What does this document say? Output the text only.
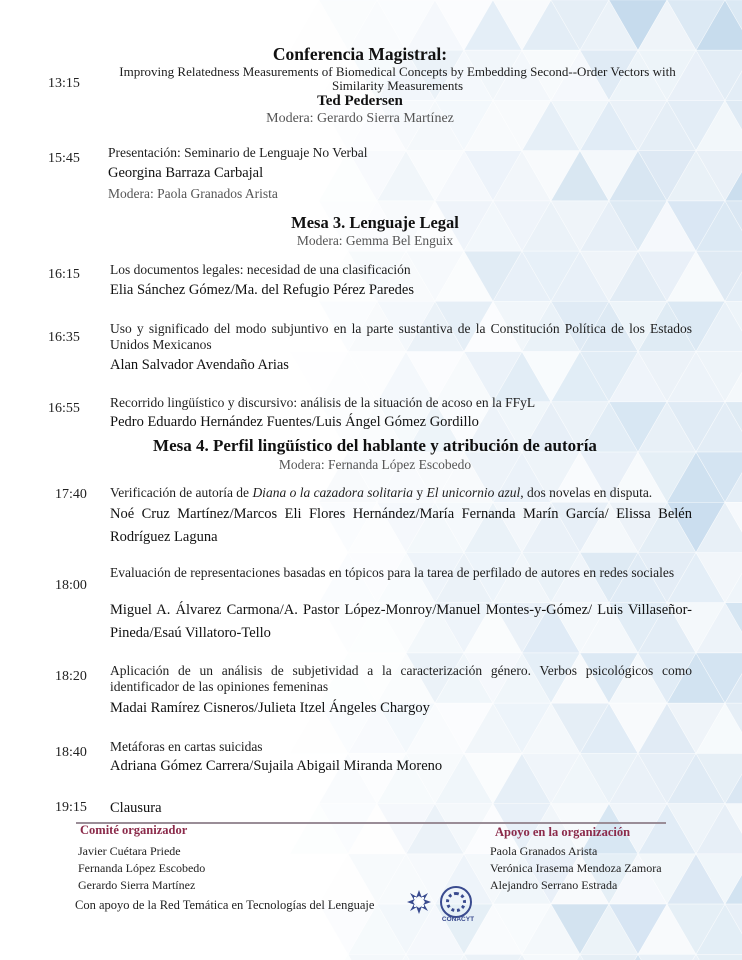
Conferencia Magistral:
13:15
Improving Relatedness Measurements of Biomedical Concepts by Embedding Second--Order Vectors with Similarity Measurements
Ted Pedersen
Modera: Gerardo Sierra Martínez
15:45 Presentación: Seminario de Lenguaje No Verbal
Georgina Barraza Carbajal
Modera: Paola Granados Arista
Mesa 3. Lenguaje Legal
Modera: Gemma Bel Enguix
16:15 Los documentos legales: necesidad de una clasificación
Elia Sánchez Gómez/Ma. del Refugio Pérez Paredes
16:35
Uso y significado del modo subjuntivo en la parte sustantiva de la Constitución Política de los Estados Unidos Mexicanos
Alan Salvador Avendaño Arias
16:55 Recorrido lingüístico y discursivo: análisis de la situación de acoso en la FFyL
Pedro Eduardo Hernández Fuentes/Luis Ángel Gómez Gordillo
Mesa 4. Perfil lingüístico del hablante y atribución de autoría
Modera: Fernanda López Escobedo
17:40 Verificación de autoría de Diana o la cazadora solitaria y El unicornio azul, dos novelas en disputa.
Noé Cruz Martínez/Marcos Eli Flores Hernández/María Fernanda Marín García/ Elissa Belén Rodríguez Laguna
18:00
Evaluación de representaciones basadas en tópicos para la tarea de perfilado de autores en redes sociales
Miguel A. Álvarez Carmona/A. Pastor López-Monroy/Manuel Montes-y-Gómez/ Luis Villaseñor-Pineda/Esaú Villatoro-Tello
18:20 Aplicación de un análisis de subjetividad a la caracterización género. Verbos psicológicos como identificador de las opiniones femeninas
Madai Ramírez Cisneros/Julieta Itzel Ángeles Chargoy
18:40 Metáforas en cartas suicidas
Adriana Gómez Carrera/Sujaila Abigail Miranda Moreno
19:15 Clausura
Comité organizador
Javier Cuétara Priede
Fernanda López Escobedo
Gerardo Sierra Martínez
Apoyo en la organización
Paola Granados Arista
Verónica Irasema Mendoza Zamora
Alejandro Serrano Estrada
Con apoyo de la Red Temática en Tecnologías del Lenguaje
CONACYT
